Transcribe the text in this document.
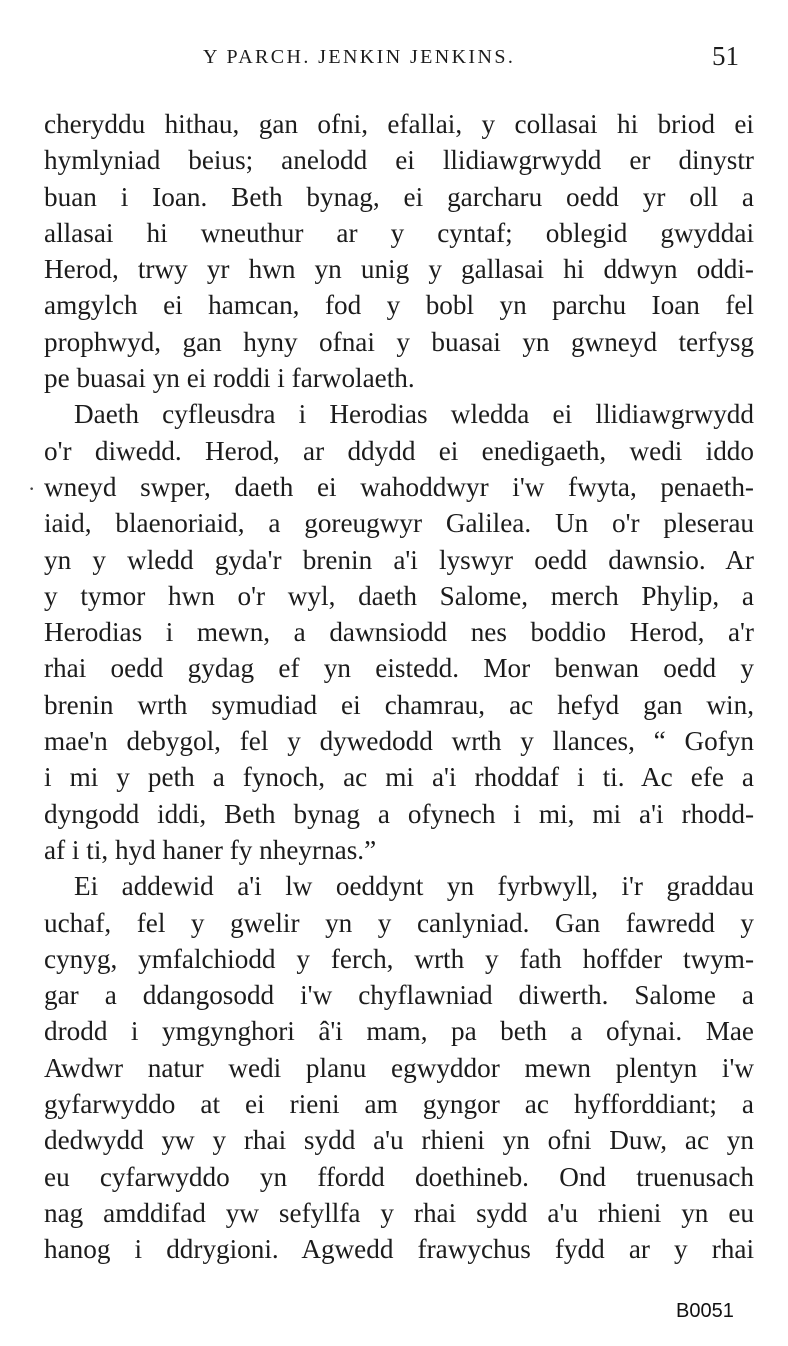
Y PARCH. JENKIN JENKINS.	51
·
cheryddu hithau, gan ofni, efallai, y collasai hi briod ei
hymlyniad beius; anelodd ei llidiawgrwydd er dinystr
buan i Ioan. Beth bynag, ei garcharu oedd yr oll a
allasai hi wneuthur ar y cyntaf; oblegid gwyddai
Herod, trwy yr hwn yn unig y gallasai hi ddwyn oddi-
amgylch ei hamcan, fod y bobl yn parchu Ioan fel
prophwyd, gan hyny ofnai y buasai yn gwneyd terfysg
pe buasai yn ei roddi i farwolaeth.
Daeth cyfleusdra i Herodias wledda ei llidiawgrwydd
o'r diwedd. Herod, ar ddydd ei enedigaeth, wedi iddo
wneyd swper, daeth ei wahoddwyr i'w fwyta, penaeth-
iaid, blaenoriaid, a goreugwyr Galilea. Un o'r pleserau
yn y wledd gyda'r brenin a'i lyswyr oedd dawnsio. Ar
y tymor hwn o'r wyl, daeth Salome, merch Phylip, a
Herodias i mewn, a dawnsiodd nes boddio Herod, a'r
rhai oedd gydag ef yn eistedd. Mor benwan oedd y
brenin wrth symudiad ei chamrau, ac hefyd gan win,
mae'n debygol, fel y dywedodd wrth y llances, “ Gofyn
i mi y peth a fynoch, ac mi a'i rhoddaf i ti. Ac efe a
dyngodd iddi, Beth bynag a ofynech i mi, mi a'i rhodd-
af i ti, hyd haner fy nheyrnas.”
Ei addewid a'i lw oeddynt yn fyrbwyll, i'r graddau
uchaf, fel y gwelir yn y canlyniad. Gan fawredd y
cynyg, ymfalchiodd y ferch, wrth y fath hoffder twym-
gar a ddangosodd i'w chyflawniad diwerth. Salome a
drodd i ymgynghori â'i mam, pa beth a ofynai. Mae
Awdwr natur wedi planu egwyddor mewn plentyn i'w
gyfarwyddo at ei rieni am gyngor ac hyfforddiant; a
dedwydd yw y rhai sydd a'u rhieni yn ofni Duw, ac yn
eu cyfarwyddo yn ffordd doethineb. Ond truenusach
nag amddifad yw sefyllfa y rhai sydd a'u rhieni yn eu
hanog i ddrygioni. Agwedd frawychus fydd ar y rhai
B0051
